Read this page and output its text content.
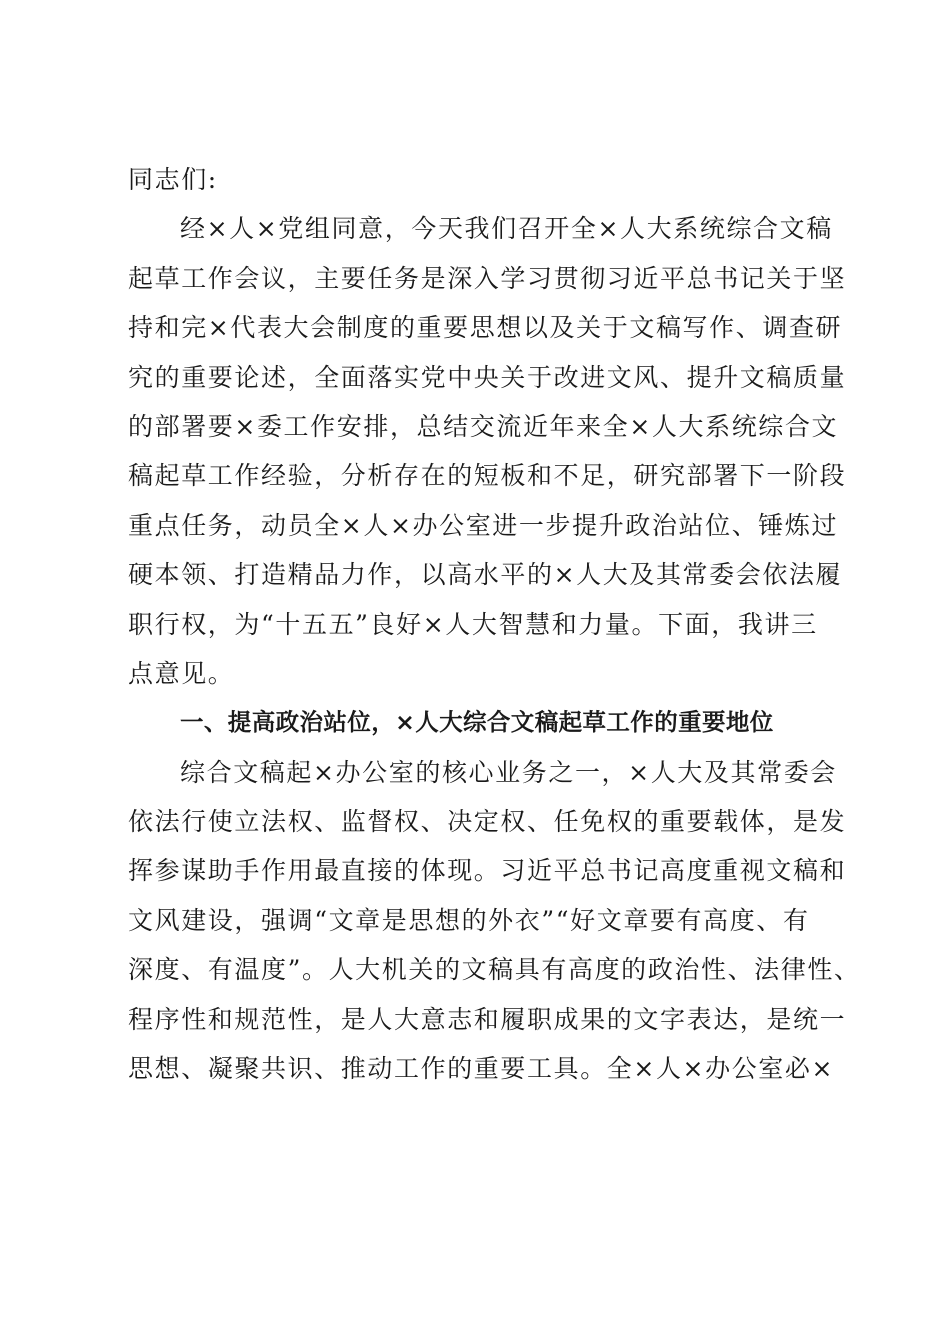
同志们:
经×人×党组同意，今天我们召开全×人大系统综合文稿
起草工作会议，主要任务是深入学习贯彻习近平总书记关于坚
持和完×代表大会制度的重要思想以及关于文稿写作、调查研
究的重要论述，全面落实党中央关于改进文风、提升文稿质量
的部署要×委工作安排，总结交流近年来全×人大系统综合文
稿起草工作经验，分析存在的短板和不足，研究部署下一阶段
重点任务，动员全×人×办公室进一步提升政治站位、锤炼过
硬本领、打造精品力作，以高水平的×人大及其常委会依法履
职行权，为“十五五”良好×人大智慧和力量。下面，我讲三
点意见。
一、提高政治站位，×人大综合文稿起草工作的重要地位
综合文稿起×办公室的核心业务之一，×人大及其常委会
依法行使立法权、监督权、决定权、任免权的重要载体，是发
挥参谋助手作用最直接的体现。习近平总书记高度重视文稿和
文风建设，强调“文章是思想的外衣”“好文章要有高度、有
深度、有温度”。人大机关的文稿具有高度的政治性、法律性、
程序性和规范性，是人大意志和履职成果的文字表达，是统一
思想、凝聚共识、推动工作的重要工具。全×人×办公室必×
